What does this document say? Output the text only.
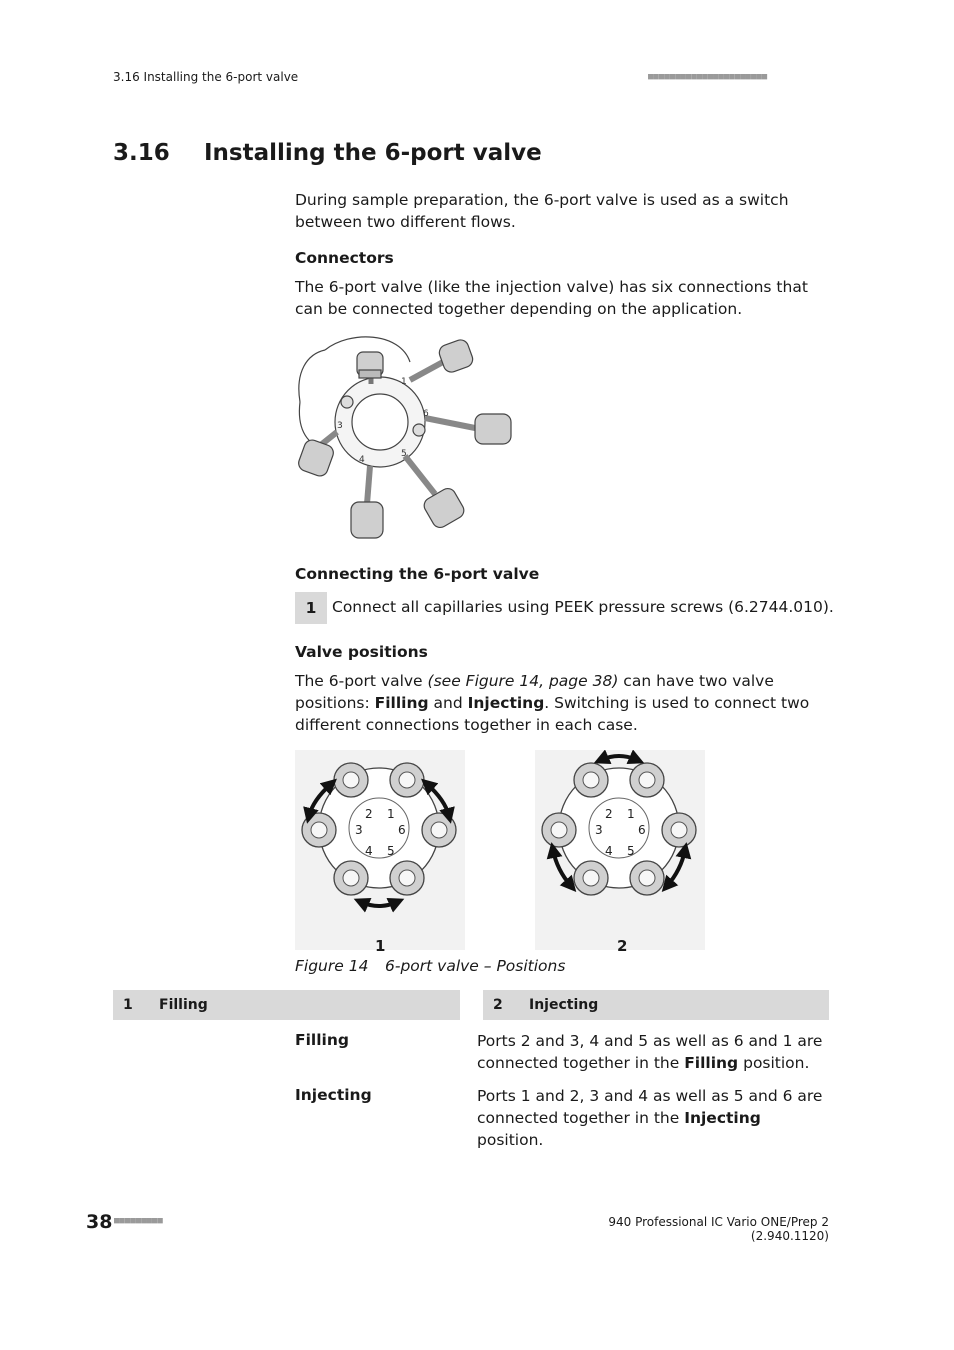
3.16 Installing the 6-port valve	■■■■■■■■■■■■■■■■■■■■■■
3.16 Installing the 6-port valve
During sample preparation, the 6-port valve is used as a switch between two different flows.
Connectors
The 6-port valve (like the injection valve) has six connections that can be connected together depending on the application.
1
6
5
4
3
Connecting the 6-port valve
1	Connect all capillaries using PEEK pressure screws (6.2744.010).
Valve positions
The 6-port valve (see Figure 14, page 38) can have two valve positions: Filling and Injecting. Switching is used to connect two different connections together in each case.
2 1
3	6
4 5
2 1
3	6
4 5
1	2
Figure 14 6-port valve – Positions
1 Filling	2 Injecting
Filling	Ports 2 and 3, 4 and 5 as well as 6 and 1 are connected together in the Filling position.
Injecting	Ports 1 and 2, 3 and 4 as well as 5 and 6 are connected together in the Injecting position.
38 ■■■■■■■■■	940 Professional IC Vario ONE/Prep 2 (2.940.1120)
